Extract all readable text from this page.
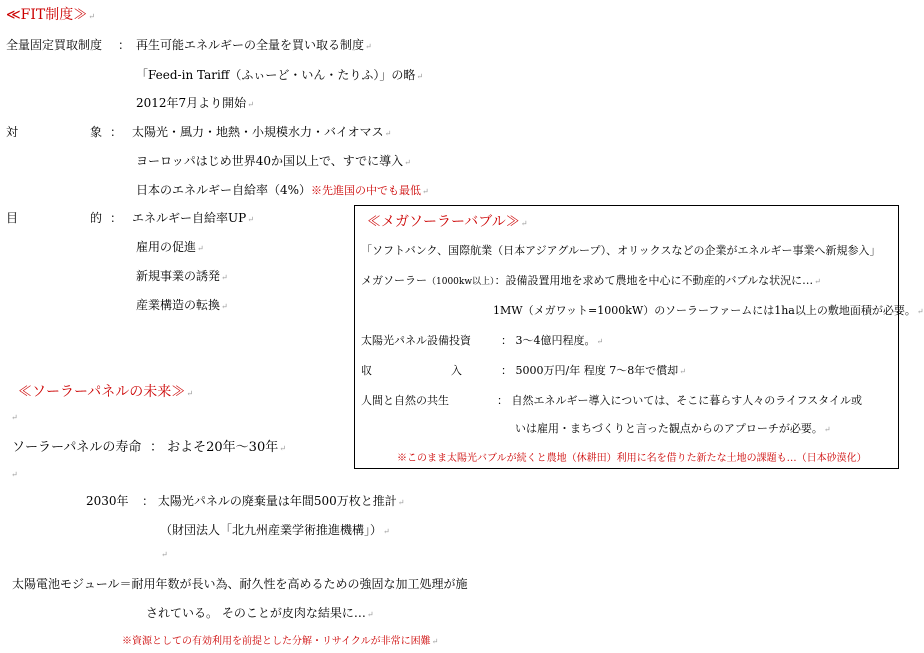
≪FIT制度≫↵
全量固定買取制度 ： 再生可能エネルギーの全量を買い取る制度↵
「Feed-in Tariff（ふぃーど・いん・たりふ）」の略↵
2012年7月より開始↵
対	象 ： 太陽光・風力・地熱・小規模水力・バイオマス↵
ヨーロッパはじめ世界40か国以上で、すでに導入↵
日本のエネルギー自給率（4%）※先進国の中でも最低↵
目	的 ： エネルギー自給率UP↵
雇用の促進↵
新規事業の誘発↵
産業構造の転換↵
≪メガソーラーバブル≫↵
「ソフトバンク、国際航業（日本アジアグループ）、オリックスなどの企業がエネルギー事業へ新規参入」
メガソーラー（1000kw以上）：設備設置用地を求めて農地を中心に不動産的バブルな状況に…↵
1MW（メガワット=1000kW）のソーラーファームには1ha以上の敷地面積が必要。↵
太陽光パネル設備投資	： 3～4億円程度。↵
収	入	： 5000万円/年 程度 7～8年で償却↵
人間と自然の共生	： 自然エネルギー導入については、そこに暮らす人々のライフスタイル或
いは雇用・まちづくりと言った観点からのアプローチが必要。↵
※このまま太陽光バブルが続くと農地（休耕田）利用に名を借りた新たな土地の課題も…（日本砂漠化）
≪ソーラーパネルの未来≫↵
↵
ソーラーパネルの寿命 ： およそ20年～30年↵
↵
2030年 ： 太陽光パネルの廃棄量は年間500万枚と推計↵
（財団法人「北九州産業学術推進機構」）↵
↵
太陽電池モジュール＝耐用年数が長い為、耐久性を高めるための強固な加工処理が施
されている。 そのことが皮肉な結果に…↵
※資源としての有効利用を前提とした分解・リサイクルが非常に困難↵
